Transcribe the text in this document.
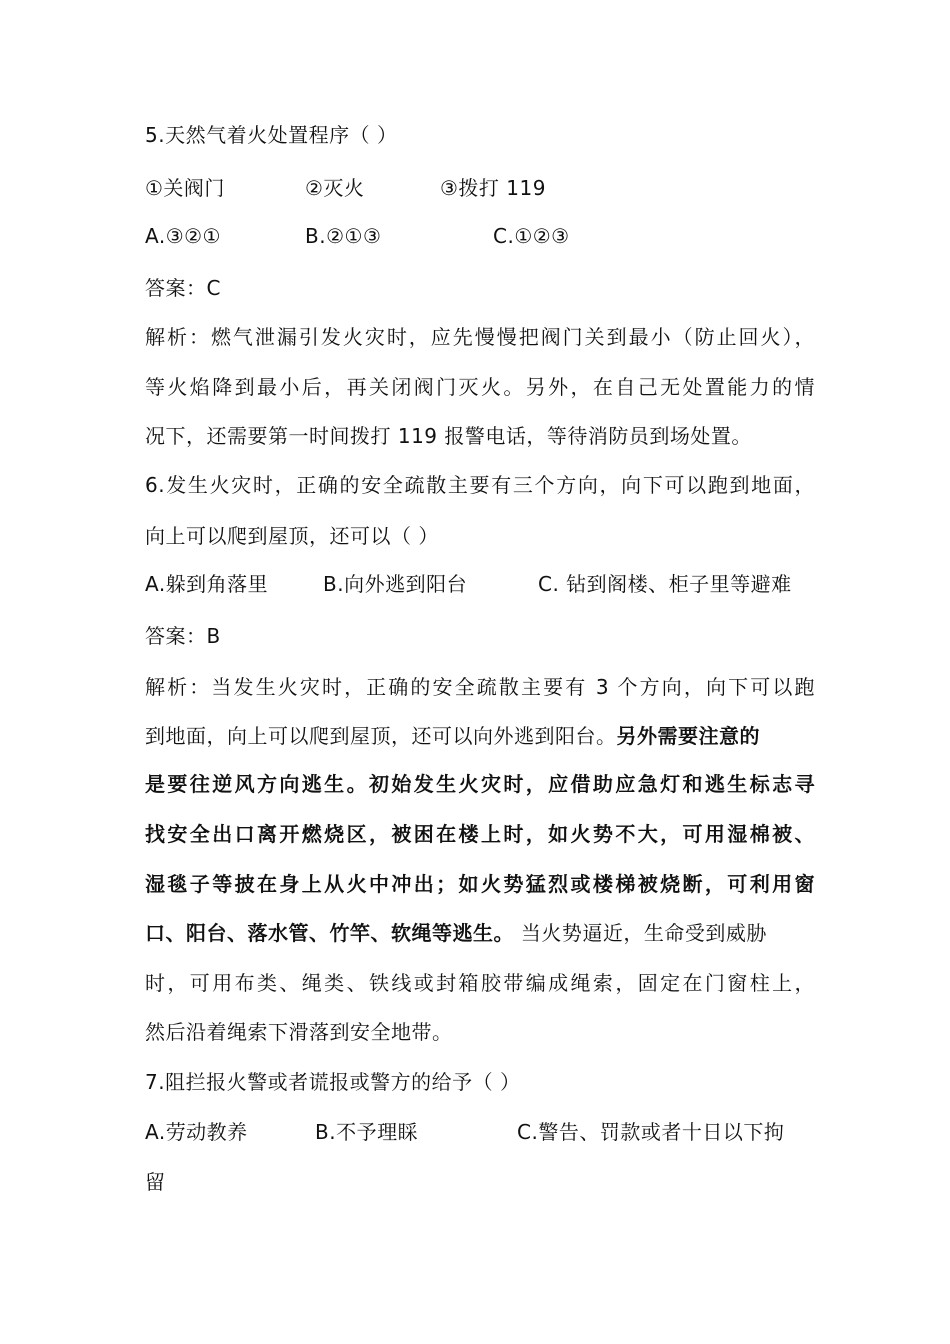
5.天然气着火处置程序（ ）
①关阀门	②灭火	③拨打 119
A.③②①	B.②①③	C.①②③
答案：C
解析：燃气泄漏引发火灾时，应先慢慢把阀门关到最小（防止回火），
等火焰降到最小后，再关闭阀门灭火。另外，在自己无处置能力的情
况下，还需要第一时间拨打 119 报警电话，等待消防员到场处置。
6.发生火灾时，正确的安全疏散主要有三个方向，向下可以跑到地面，
向上可以爬到屋顶，还可以（ ）
A.躲到角落里	B.向外逃到阳台	C. 钻到阁楼、柜子里等避难
答案：B
解析：当发生火灾时，正确的安全疏散主要有 3 个方向，向下可以跑
到地面，向上可以爬到屋顶，还可以向外逃到阳台。另外需要注意的
是要往逆风方向逃生。初始发生火灾时，应借助应急灯和逃生标志寻
找安全出口离开燃烧区，被困在楼上时，如火势不大，可用湿棉被、
湿毯子等披在身上从火中冲出；如火势猛烈或楼梯被烧断，可利用窗
口、阳台、落水管、竹竿、软绳等逃生。 当火势逼近，生命受到威胁
时，可用布类、绳类、铁线或封箱胶带编成绳索，固定在门窗柱上，
然后沿着绳索下滑落到安全地带。
7.阻拦报火警或者谎报或警方的给予（ ）
A.劳动教养	B.不予理睬	C.警告、罚款或者十日以下拘
留
